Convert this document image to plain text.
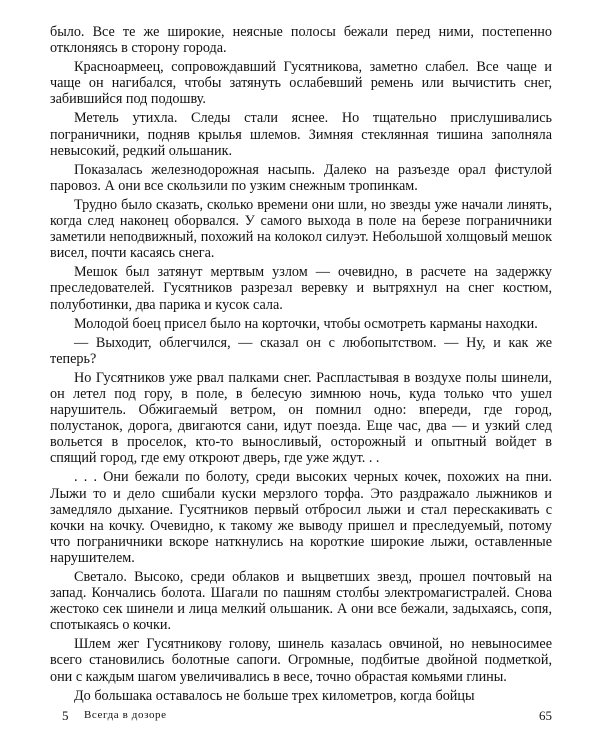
было. Все те же широкие, неясные полосы бежали перед ними, постепенно отклоняясь в сторону города.

Красноармеец, сопровождавший Гусятникова, заметно слабел. Все чаще и чаще он нагибался, чтобы затянуть ослабевший ремень или вычистить снег, забившийся под подошву.

Метель утихла. Следы стали яснее. Но тщательно прислушивались пограничники, подняв крылья шлемов. Зимняя стеклянная тишина заполняла невысокий, редкий ольшаник.

Показалась железнодорожная насыпь. Далеко на разъезде орал фистулой паровоз. А они все скользили по узким снежным тропинкам.

Трудно было сказать, сколько времени они шли, но звезды уже начали линять, когда след наконец оборвался. У самого выхода в поле на березе пограничники заметили неподвижный, похожий на колокол силуэт. Небольшой холщовый мешок висел, почти касаясь снега.

Мешок был затянут мертвым узлом — очевидно, в расчете на задержку преследователей. Гусятников разрезал веревку и вытряхнул на снег костюм, полуботинки, два парика и кусок сала.

Молодой боец присел было на корточки, чтобы осмотреть карманы находки.

— Выходит, облегчился, — сказал он с любопытством. — Ну, и как же теперь?

Но Гусятников уже рвал палками снег. Распластывая в воздухе полы шинели, он летел под гору, в поле, в белесую зимнюю ночь, куда только что ушел нарушитель. Обжигаемый ветром, он помнил одно: впереди, где город, полустанок, дорога, двигаются сани, идут поезда. Еще час, два — и узкий след вольется в проселок, кто-то выносливый, осторожный и опытный войдет в спящий город, где ему откроют дверь, где уже ждут. . .

. . . Они бежали по болоту, среди высоких черных кочек, похожих на пни. Лыжи то и дело сшибали куски мерзлого торфа. Это раздражало лыжников и замедляло дыхание. Гусятников первый отбросил лыжи и стал перескакивать с кочки на кочку. Очевидно, к такому же выводу пришел и преследуемый, потому что пограничники вскоре наткнулись на короткие широкие лыжи, оставленные нарушителем.

Светало. Высоко, среди облаков и выцветших звезд, прошел почтовый на запад. Кончались болота. Шагали по пашням столбы электромагистралей. Снова жестоко сек шинели и лица мелкий ольшаник. А они все бежали, задыхаясь, сопя, спотыкаясь о кочки.

Шлем жег Гусятникову голову, шинель казалась овчиной, но невыносимее всего становились болотные сапоги. Огромные, подбитые двойной подметкой, они с каждым шагом увеличивались в весе, точно обрастая комьями глины.

До большака оставалось не больше трех километров, когда бойцы

5 Всегда в дозоре	65
